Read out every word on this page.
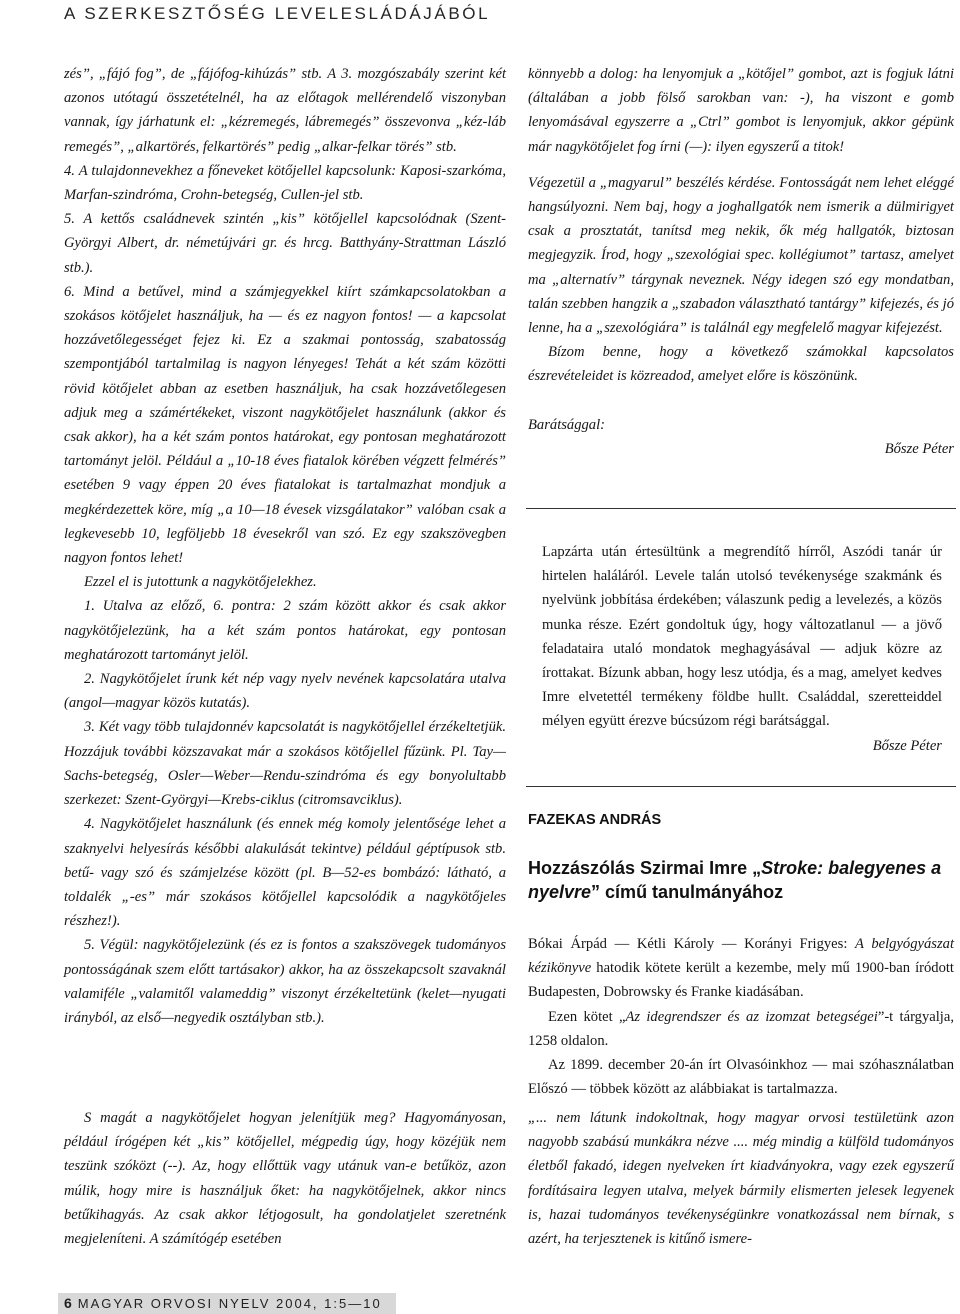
A SZERKESZTŐSÉG LEVELESLÁDÁJÁBÓL

zés”, „fájó fog”, de „fájófog-kihúzás” stb. A 3. mozgószabály szerint két azonos utótagú összetételnél, ha az előtagok mellérendelő viszonyban vannak, így járhatunk el: „kézremegés, lábremegés” összevonva „kéz-láb remegés”, „alkartörés, felkartörés” pedig „alkar-felkar törés” stb.

4. A tulajdonnevekhez a főneveket kötőjellel kapcsolunk: Kaposi-szarkóma, Marfan-szindróma, Crohn-betegség, Cullen-jel stb.

5. A kettős családnevek szintén „kis” kötőjellel kapcsolódnak (Szent-Györgyi Albert, dr. németújvári gr. és hrcg. Batthyány-Strattman László stb.).

6. Mind a betűvel, mind a számjegyekkel kiírt számkapcsolatokban a szokásos kötőjelet használjuk, ha — és ez nagyon fontos! — a kapcsolat hozzávetőlegességet fejez ki. Ez a szakmai pontosság, szabatosság szempontjából tartalmilag is nagyon lényeges! Tehát a két szám közötti rövid kötőjelet abban az esetben használjuk, ha csak hozzávetőlegesen adjuk meg a számértékeket, viszont nagykötőjelet használunk (akkor és csak akkor), ha a két szám pontos határokat, egy pontosan meghatározott tartományt jelöl. Például a „10-18 éves fiatalok körében végzett felmérés” esetében 9 vagy éppen 20 éves fiatalokat is tartalmazhat mondjuk a megkérdezettek köre, míg „a 10—18 évesek vizsgálatakor” valóban csak a legkevesebb 10, legföljebb 18 évesekről van szó. Ez egy szakszövegben nagyon fontos lehet!

Ezzel el is jutottunk a nagykötőjelekhez.

1. Utalva az előző, 6. pontra: 2 szám között akkor és csak akkor nagykötőjelezünk, ha a két szám pontos határokat, egy pontosan meghatározott tartományt jelöl.

2. Nagykötőjelet írunk két nép vagy nyelv nevének kapcsolatára utalva (angol—magyar közös kutatás).

3. Két vagy több tulajdonnév kapcsolatát is nagykötőjellel érzékeltetjük. Hozzájuk további közszavakat már a szokásos kötőjellel fűzünk. Pl. Tay—Sachs-betegség, Osler—Weber—Rendu-szindróma és egy bonyolultabb szerkezet: Szent-Györgyi—Krebs-ciklus (citromsavciklus).

4. Nagykötőjelet használunk (és ennek még komoly jelentősége lehet a szaknyelvi helyesírás későbbi alakulását tekintve) például géptípusok stb. betű- vagy szó és számjelzése között (pl. B—52-es bombázó: látható, a toldalék „-es” már szokásos kötőjellel kapcsolódik a nagykötőjeles részhez!).

5. Végül: nagykötőjelezünk (és ez is fontos a szakszövegek tudományos pontosságának szem előtt tartásakor) akkor, ha az összekapcsolt szavaknál valamiféle „valamitől valameddig” viszonyt érzékeltetünk (kelet—nyugati irányból, az első—negyedik osztályban stb.).

könnyebb a dolog: ha lenyomjuk a „kötőjel” gombot, azt is fogjuk látni (általában a jobb fölső sarokban van: -), ha viszont e gomb lenyomásával egyszerre a „Ctrl” gombot is lenyomjuk, akkor gépünk már nagykötőjelet fog írni (—): ilyen egyszerű a titok!

Végezetül a „magyarul” beszélés kérdése. Fontosságát nem lehet eléggé hangsúlyozni. Nem baj, hogy a joghallgatók nem ismerik a dülmirigyet csak a prosztatát, tanítsd meg nekik, ők még hallgatók, biztosan megjegyzik. Írod, hogy „szexológiai spec. kollégiumot” tartasz, amelyet ma „alternatív” tárgynak neveznek. Négy idegen szó egy mondatban, talán szebben hangzik a „szabadon választható tantárgy” kifejezés, és jó lenne, ha a „szexológiára” is találnál egy megfelelő magyar kifejezést.

Bízom benne, hogy a következő számokkal kapcsolatos észrevételeidet is közreadod, amelyet előre is köszönünk.

Barátsággal:

Bősze Péter

Lapzárta után értesültünk a megrendítő hírről, Aszódi tanár úr hirtelen haláláról. Levele talán utolsó tevékenysége szakmánk és nyelvünk jobbítása érdekében; válaszunk pedig a levelezés, a közös munka része. Ezért gondoltuk úgy, hogy változatlanul — a jövő feladataira utaló mondatok meghagyásával — adjuk közre az írottakat. Bízunk abban, hogy lesz utódja, és a mag, amelyet kedves Imre elvetettél termékeny földbe hullt. Családdal, szeretteiddel mélyen együtt érezve búcsúzom régi barátsággal.

Bősze Péter

FAZEKAS ANDRÁS
Hozzászólás Szirmai Imre „Stroke: balegyenes a nyelvre” című tanulmányához

Bókai Árpád — Kétli Károly — Korányi Frigyes: A belgyógyászat kézikönyve hatodik kötete került a kezembe, mely mű 1900-ban íródott Budapesten, Dobrowsky és Franke kiadásában.

Ezen kötet „Az idegrendszer és az izomzat betegségei”-t tárgyalja, 1258 oldalon.

Az 1899. december 20-án írt Olvasóinkhoz — mai szóhasználatban Előszó — többek között az alábbiakat is tartalmazza.

S magát a nagykötőjelet hogyan jelenítjük meg? Hagyományosan, például írógépen két „kis” kötőjellel, mégpedig úgy, hogy közéjük nem teszünk szóközt (--). Az, hogy ellőttük vagy utánuk van-e betűköz, azon múlik, hogy mire is használjuk őket: ha nagykötőjelnek, akkor nincs betűkihagyás. Az csak akkor létjogosult, ha gondolatjelet szeretnénk megjeleníteni. A számítógép esetében

„... nem látunk indokoltnak, hogy magyar orvosi testületünk azon nagyobb szabású munkákra nézve .... még mindig a külföld tudományos életből fakadó, idegen nyelveken írt kiadványokra, vagy ezek egyszerű fordításaira legyen utalva, melyek bármily elismerten jelesek legyenek is, hazai tudományos tevékenységünkre vonatkozással nem bírnak, s azért, ha terjesztenek is kitűnő ismere-

6 MAGYAR ORVOSI NYELV 2004, 1:5—10
